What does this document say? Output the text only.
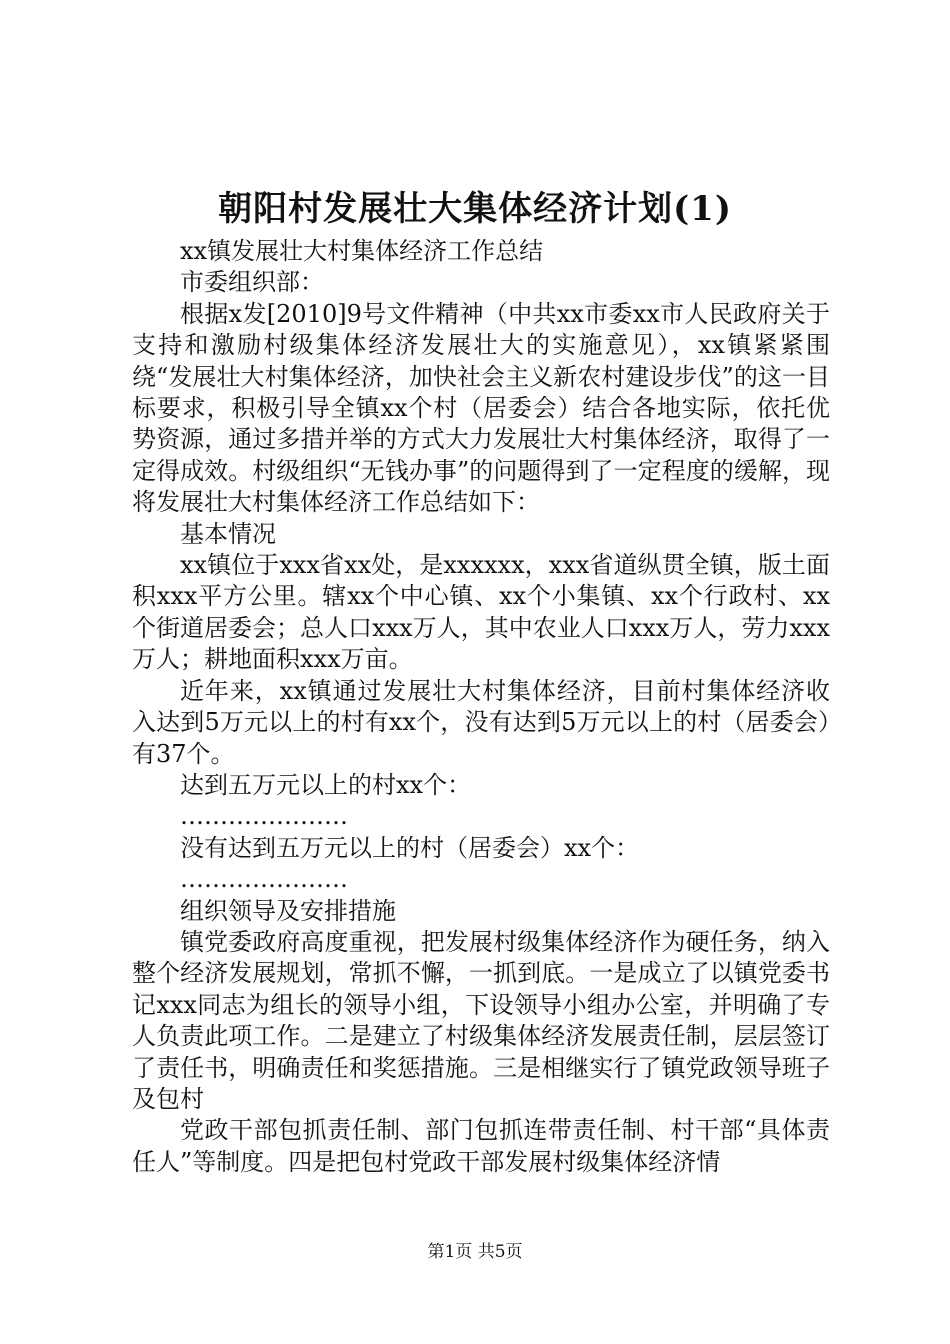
朝阳村发展壮大集体经济计划(1)

xx镇发展壮大村集体经济工作总结

市委组织部：

根据x发[2010]9号文件精神（中共xx市委xx市人民政府关于支持和激励村级集体经济发展壮大的实施意见），xx镇紧紧围绕“发展壮大村集体经济，加快社会主义新农村建设步伐”的这一目标要求，积极引导全镇xx个村（居委会）结合各地实际，依托优势资源，通过多措并举的方式大力发展壮大村集体经济，取得了一定得成效。村级组织“无钱办事”的问题得到了一定程度的缓解，现将发展壮大村集体经济工作总结如下：

基本情况

xx镇位于xxx省xx处，是xxxxxx，xxx省道纵贯全镇，版土面积xxx平方公里。辖xx个中心镇、xx个小集镇、xx个行政村、xx个街道居委会；总人口xxx万人，其中农业人口xxx万人，劳力xxx万人；耕地面积xxx万亩。

近年来，xx镇通过发展壮大村集体经济，目前村集体经济收入达到5万元以上的村有xx个，没有达到5万元以上的村（居委会）有37个。

达到五万元以上的村xx个：

…………………

没有达到五万元以上的村（居委会）xx个：

…………………

组织领导及安排措施

镇党委政府高度重视，把发展村级集体经济作为硬任务，纳入整个经济发展规划，常抓不懈，一抓到底。一是成立了以镇党委书记xxx同志为组长的领导小组，下设领导小组办公室，并明确了专人负责此项工作。二是建立了村级集体经济发展责任制，层层签订了责任书，明确责任和奖惩措施。三是相继实行了镇党政领导班子及包村

党政干部包抓责任制、部门包抓连带责任制、村干部“具体责任人”等制度。四是把包村党政干部发展村级集体经济情

第1页 共5页
